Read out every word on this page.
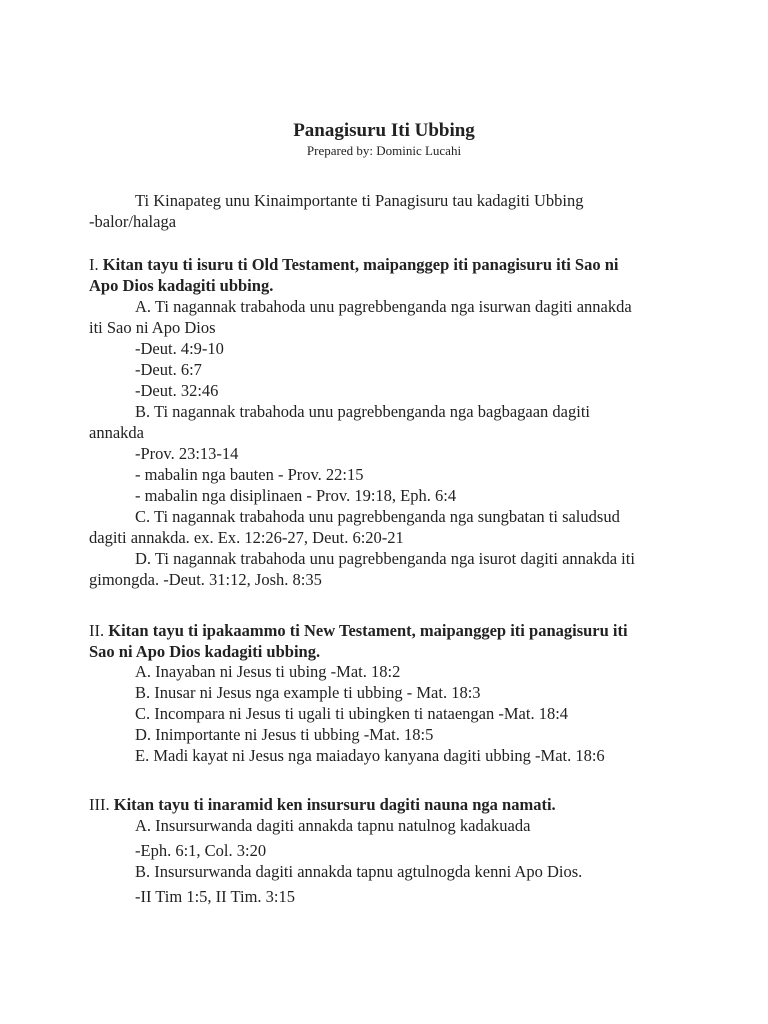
Panagisuru Iti Ubbing
Prepared by: Dominic Lucahi
Ti Kinapateg unu Kinaimportante ti Panagisuru tau kadagiti Ubbing
-balor/halaga
I. Kitan tayu ti isuru ti Old Testament, maipanggep iti panagisuru iti Sao ni
Apo Dios kadagiti ubbing.
A. Ti nagannak trabahoda unu pagrebbenganda nga isurwan dagiti annakda
iti Sao ni Apo Dios
-Deut. 4:9-10
-Deut. 6:7
-Deut. 32:46
B. Ti nagannak trabahoda unu pagrebbenganda nga bagbagaan dagiti
annakda
-Prov. 23:13-14
- mabalin nga bauten - Prov. 22:15
- mabalin nga disiplinaen - Prov. 19:18, Eph. 6:4
C. Ti nagannak trabahoda unu pagrebbenganda nga sungbatan ti saludsud
dagiti annakda. ex. Ex. 12:26-27, Deut. 6:20-21
D. Ti nagannak trabahoda unu pagrebbenganda nga isurot dagiti annakda iti
gimongda. -Deut. 31:12, Josh. 8:35
II. Kitan tayu ti ipakaammo ti New Testament, maipanggep iti panagisuru iti
Sao ni Apo Dios kadagiti ubbing.
A. Inayaban ni Jesus ti ubing -Mat. 18:2
B. Inusar ni Jesus nga example ti ubbing - Mat. 18:3
C. Incompara ni Jesus ti ugali ti ubingken ti nataengan -Mat. 18:4
D. Inimportante ni Jesus ti ubbing -Mat. 18:5
E. Madi kayat ni Jesus nga maiadayo kanyana dagiti ubbing -Mat. 18:6
III. Kitan tayu ti inaramid ken insursuru dagiti nauna nga namati.
A. Insursurwanda dagiti annakda tapnu natulnog kadakuada
-Eph. 6:1, Col. 3:20
B. Insursurwanda dagiti annakda tapnu agtulnogda kenni Apo Dios.
-II Tim 1:5, II Tim. 3:15
